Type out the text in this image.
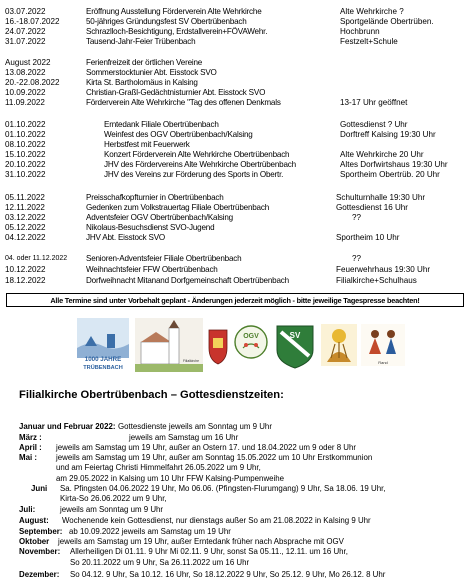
03.07.2022	Eröffnung Ausstellung Förderverein Alte Wehrkirche	Alte Wehrkirche ?
16.-18.07.2022	50-jähriges Gründungsfest SV Obertrübenbach	Sportgelände Obertrüben.
24.07.2022	Schrazlloch-Besichtigung, Erdstallverein+FÖVAWehr.	Hochbrunn
31.07.2022	Tausend-Jahr-Feier Trübenbach	Festzelt+Schule
August 2022	Ferienfreizeit der örtlichen Vereine
13.08.2022	Sommerstocktunier Abt. Eisstock SVO
20.-22.08.2022	Kirta St. Bartholomäus in Kalsing
10.09.2022	Christian-Graßl-Gedächtnisturnier Abt. Eisstock SVO
11.09.2022	Förderverein Alte Wehrkirche "Tag des offenen Denkmals	13-17 Uhr geöffnet
01.10.2022	Erntedank Filiale Obertrübenbach	Gottesdienst ? Uhr
01.10.2022	Weinfest des OGV Obertrübenbach/Kalsing	Dorftreff Kalsing 19:30 Uhr
08.10.2022	Herbstfest mit Feuerwerk
15.10.2022	Konzert Förderverein Alte Wehrkirche Obertrübenbach	Alte Wehrkirche 20 Uhr
20.10.2022	JHV des Fördervereins Alte Wehrkirche Obertrübenbach	Altes Dorfwirtshaus 19:30 Uhr
31.10.2022	JHV des Vereins zur Förderung des Sports in Obertr.	Sportheim Obertrüb. 20 Uhr
05.11.2022	Preisschafkopfturnier in Obertrübenbach	Schulturnhalle 19:30 Uhr
12.11.2022	Gedenken zum Volkstrauertag Filiale Obertrübenbach	Gottesdienst 16 Uhr
03.12.2022	Adventsfeier OGV Obertrübenbach/Kalsing	??
05.12.2022	Nikolaus-Besuchsdienst SVO-Jugend
04.12.2022	JHV Abt. Eisstock SVO	Sportheim 10 Uhr
04. oder 11.12.2022 Senioren-Adventsfeier Filiale Obertrübenbach	??
10.12.2022	Weihnachtsfeier FFW Obertrübenbach	Feuerwehrhaus 19:30 Uhr
18.12.2022	Dorfweihnacht Mitanand Dorfgemeinschaft Obertrübenbach	Filialkirche+Schulhaus
Alle Termine sind unter Vorbehalt geplant - Änderungen jederzeit möglich - bitte jeweilige Tagespresse beachten!
1000 JAHRE
TRÜBENBACH
Filialkirche
OGV	SV
Rand
Filialkirche Obertrübenbach – Gottesdienstzeiten:
Januar und Februar 2022: Gottesdienste jeweils am Sonntag um 9 Uhr
März :	jeweils am Samstag um 16 Uhr
April : jeweils am Samstag um 19 Uhr, außer an Ostern 17. und 18.04.2022 um 9 oder 8 Uhr
Mai : jeweils am Samstag um 19 Uhr, außer am Sonntag 15.05.2022 um 10 Uhr Erstkommunion
und am Feiertag Christi Himmelfahrt 26.05.2022 um 9 Uhr,
am 29.05.2022 in Kalsing um 10 Uhr FFW Kalsing-Pumpenweihe
Juni Sa. Pfingsten 04.06.2022 19 Uhr, Mo 06.06. (Pfingsten-Flurumgang) 9 Uhr, Sa 18.06. 19 Uhr,
Kirta-So 26.06.2022 um 9 Uhr,
Juli:	jeweils am Sonntag um 9 Uhr
August: Wochenende kein Gottesdienst, nur dienstags außer So am 21.08.2022 in Kalsing 9 Uhr
September: ab 10.09.2022 jeweils am Samstag um 19 Uhr
Oktober jeweils am Samstag um 19 Uhr, außer Erntedank früher nach Absprache mit OGV
November: Allerheiligen Di 01.11. 9 Uhr Mi 02.11. 9 Uhr, sonst Sa 05.11., 12.11. um 16 Uhr,
So 20.11.2022 um 9 Uhr, Sa 26.11.2022 um 16 Uhr
Dezember: So 04.12. 9 Uhr, Sa 10.12. 16 Uhr, So 18.12.2022 9 Uhr, So 25.12. 9 Uhr, Mo 26.12. 8 Uhr
